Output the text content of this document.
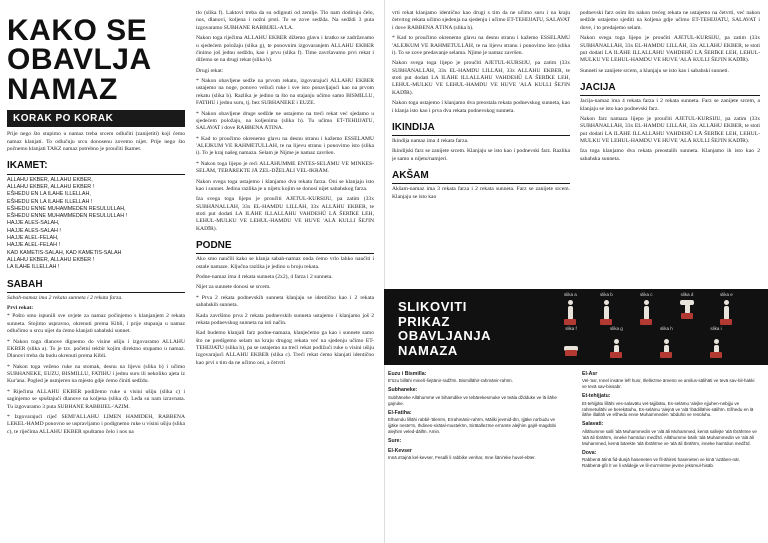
KAKO SE
OBAVLJA
NAMAZ
KORAK PO KORAK

Prije nego što stupimo u namaz treba srcem odlučiti (zanijetiti) koji ćemo namaz klanjati. To odlučuju srcu donosenu zovemo nijet. Prije nego što počnemo klanjati TAKZ namaz potrebno je proučiti Ikamet.

IKAMET:
ALLAHU EKBER, ALLAHU EKBER,
ALLAHU EKBER, ALLAHU EKBER !
EŠHEDU EN LA ILAHE ILLELLAH,
EŠHEDU EN LA ILAHE ILLELLAH !
EŠHEDU ENNE MUHAMMEDEN RESULULLAH,
EŠHEDU ENNE MUHAMMEDEN RESULULLAH !
HAJJE ALES-SALAH,
HAJJE ALES-SALAH !
HAJJE ALEL-FELAH,
HAJJE ALEL-FELAH !
KAD KAMETIS-SALAH, KAD KAMETIS-SALAH
ALLAHU EKBER, ALLAHU EKBER !
LA ILAHE ILLELLAH !
SABAH

Sabah-namaz ima 2 rekata sunneta i 2 rekata farza.

Prvi rekat:

* Pošto smo ispunili sve uvjete za namaz počinjemo s klanjanjem 2 rekata sunneta. Stojimo uspravno, okrenuti prema Kibli, i prije stupanja u namaz odlučimo u srcu nijet da ćemo klanjati sabahski sunnet.

* Nakon toga dlanove dignemo do visine ušiju i izgovaramo ALLAHU EKBER (slika a). To je tzv. početni tekbir kojim direktno stupamo u namaz. Dlanovi treba da budu okrenuti prema Kibli.

* Nakon toga veženo ruke na stomak, desnu na lijevu (slika b) i učimo SUBHANEKE, EUZU, BISMILLU, FATIHU i jednu suru ili nekoliko ajeta iz Kur'ana. Pogled je usmjeren na mjesto gdje ćemo činiti sedždu.

* Riječima ALLAHU EKBER podižemo ruke u visini ušiju (slika c) i saginjemo se spuštajući dlanove na koljena (slika d). Leđa su nam izravnata. Tu izgovaramo 3 puta SUBHANE RABBIJEL-'AZIM.

* Izgovarajući riječ SEMI'ALLAHU LIMEN HAMIDEH, RABBENA LEKEL-HAMD ponovno se uspravljamo i podignemo ruke u visini ušiju (slika c), te riječima ALLAHU EKBER spuštamo čelo i nos na

tlo (slika f). Laktovi treba da su odignuti od zemlje. Tlo nam dodiruju čelo, nos, dlanovi, koljena i nožni prsti. To se zove sedžda. Na sedždi 3 puta izgovaramo SUBHANE RABBIJEL-A'LA.

Nakon toga riječima ALLAHU EKBER dižemo glavu i kratko se zadržavamo u sjedećem položaju (slika g), te ponovnim izgovaranjem ALLAHU EKBER činimo još jednu sedždu, kao i prvu (slika f). Time završavamo prvi rekat i dižemo se na drugi rekat (slika h).

Drugi rekat:

* Nakon obavljene sedže na prvom rekatu, izgovarajući ALLAHU EKBER ustajemo na noge, ponovo vežući ruke i sve isto ponavljajući kao na prvom rekatu (slika b). Razlika je jedino ta što na stajanju učimo samo BISMILLU, FATIHU i jednu suru, tj. bez SUBHANEKE i EUZE.

* Nakon obavljene druge sedžde ne ustajemo na treći rekat već sjedamo u sjedećem položaju, na koljenima (slika h). Tu učimo ET-TEHIJJATU, SALAVAT i dove RABBENA ĀTINA.

* Kad to proučimo okrenemo glavu na desnu stranu i kažemo ESSELAMU 'ALEJKUM VE RAHMETULLAH, te na lijevu stranu i ponovimo isto (slika i). To je kraj našeg namaza. Selam je Nijme je namaz završen.

* Nakon toga lijepo je reći ALLĀHUMME ENTES-SELĀMU VE MINKES-SELĀM, TEBĀREKTE JĀ ZEL-DŽELĀLI VEL-IKRĀM.

Nakon svega toga ustajemo i klanjamo dva rekata farza. Oni se klanjaju isto kao i sunnet. Jedina razlika je u nijetu kojim se donosi nijet sabahskog farza.

Iza svega toga lijepo je proučiti AJETUL-KURSIJU, pa zatim (33x SUBHĀNALLĀH, 33x EL-HAMDU LILLĀH, 33x ALLĀHU EKBER, te stoti put dodati LA ILĀHE ILLALLĀHU VAHDEHŪ LĀ ŠERĪKE LEH, LEHUL-MULKU VE LEHUL-HAMDU VE HUVE 'ALĀ KULLI ŠEJ'IN KADĪR).

PODNE

Ako smo naučili kako se klanja sabah-namaz onda ćemo vrlo lahko naučiti i ostale namaze. Ključna razlika je jedino u broju rekata.

Podne-namaz ima 4 rekata sunneta (2x2), 4 farza i 2 sunneta.

Nijet za sunnete donosi se srcem.

* Prva 2 rekata podnevskih sunneta klanjaju se identično kao i 2 rekata sabahskih sunneta.

Kada završimo prva 2 rekata podnevskih sunneta ustajemo i klanjamo još 2 rekata podnevskog sunneta na isti način.

Kad budemo klanjali farz podne-namaza, klanjećemo ga kao i sunnete samo što ne predigemo selam na kraju drugog rekata već na sjedenju učimo ET-TEHIJJATU (slika h), pa se ustajemo na treći rekat podižući ruke u visini ušiju izgovarajući ALLAHU EKBER (slika c). Treći rekat ćemo klanjati identično kao prvi s tim da ne učimo oni, a četvrti

vrti rekat klanjamo identično kao drugi s tim da ne učimo suru i na kraju četvrtog rekata učimo sjedenja na sjedenju i učimo ET-TEHIJJATU, SALAVAT i dove RABBENA ĀTINA (slika h).

* Kad to proučimo okrenemo glavu na desnu stranu i kažemo ESSELĀMU 'ALEJKUM VE RAHMETULLĀH, te na lijevu stranu i ponovimo isto (slika i). To se zove predavanje selama. Njime je namaz završen.

Nakon svega toga lijepo je proučiti AJETUL-KURSIJU, pa zatim (33x SUBHĀNALLĀH, 33x EL-HAMDU LILLĀH, 33x ALLĀHU EKBER, te stoti put dodati LA ILĀHE ILLALLĀHU VAHDEHŪ LĀ ŠERĪKE LEH, LEHUL-MULKU VE LEHUL-HAMDU VE HUVE 'ALĀ KULLI ŠEJ'IN KADĪR).

Nakon toga ustajemo i klanjamo dva preostala rekata podnevskog sunneta, kao i klanja isto kao i prva dva rekata podnevskog sunneta.

IKINDIJA

Ikindija namaz ima 4 rekata farza.

Ikindijski farz se zanijete srcem. Klanjaju se isto kao i podnevski farz. Razlika je samo u nijetu/namjeri.

AKŠAM

Akšam-namaz ima 3 rekata farza i 2 rekata sunneta. Farz se zanijete srcem. Klanjaju se isto kao

podnevski farz osim što nakon trećeg rekata ne ustajemo na četvrti, već nakon sedžde ustajemo sjediti na koljena gdje učimo ET-TEHIJJATU, SALAVAT i dove, i to predajemo selam.

Nakon svega toga lijepo je proučiti AJETUL-KURSIJU, pa zatim (33x SUBHĀNALLĀH, 33x EL-HAMDU LILLĀH, 33x ALLĀHU EKBER, te stoti put dodati LA ILĀHE ILLALLĀHU VAHDEHŪ LĀ ŠERĪKE LEH, LEHUL-MULKU VE LEHUL-HAMDU VE HUVE 'ALĀ KULLI ŠEJ'IN KADĪR).

Sunneti se zanijete srcem, a klanjaju se isto kao i sabahski sunneti.

JACIJA

Jacija-namaz ima 4 rekata farza i 2 rekata sunneta. Farz se zanijete srcem, a klanjaju se isto kao podnevski farz.

Nakon farz namaza lijepo je proučiti AJETUL-KURSIJU, pa zatim (33x SUBHĀNALLĀH, 33x EL-HAMDU LILLĀH, 33x ALLĀHU EKBER, te stoti put dodati LA ILĀHE ILLALLĀHU VAHDEHŪ LĀ ŠERĪKE LEH, LEHUL-MULKU VE LEHUL-HAMDU VE HUVE 'ALĀ KULLI ŠEJ'IN KADĪR).

Iza toga klanjamo dva rekata preostalih sunneta. Klanjamo ih isto kao 2 sabahska sunneta.

SLIKOVITI
PRIKAZ
OBAVLJANJA
NAMAZA
slika a	slika b	slika c	slika d	slika e
slika f	slika g	slika h	slika i
Euzu i Bismilla:
E'ūzu billāhi mineš-šejtānir-radžīm. Bismillāhir-rahmānir-rahīm.
Subhaneke:
Subhāneke Allāhumme ve bihamdike ve tebārekesmuke ve teāla dždduke ve lā ilāhe gajruke.
El-Fatiha:
Elhamdu lillāhi rabbil-'ālemīn, Errahmānir-rahīm, Māliki jevmid-dīn, Ijjāke na'budu ve ijjāke neste'īn, Ihdines-sirātal-mustekīm, Sirātallezīne en'amte alejhim gajril-magdūbi alejhim veled-dāllīn. Amin.
Sure:
El-Kevser
Innā a'tajnā kel-kevser, Fesalli li rabbike venhar, Inne šāni'eke huvel-ebter.
El-Asr
Vel-'asr, Innel insāne lefī husr, Illellezīne āmenū ve amilus-sālihāti ve tevā sav-bil-hakki ve tevā sav-bissabr.
Et-tehijjatu:
Et-tehijjātu lillāhi ves-salavātu vet-tajjibātu, Es-selāmu 'alejke ejjuhen-nebijju ve rahmetullāhi ve berekātuhu, Es-selāmu 'alejnā ve 'alā 'ibādillāhis-sālihīn. Ešhedu en lā ilāhe illallāh ve ešhedu enne Muhammeden 'abduhū ve resūluhu.
Salavati:
Allāhumme salli 'alā Muhammedin ve 'alā āli Muhammed, kemā sallejte 'alā Ibrāhīme ve 'alā āli Ibrāhīm, inneke hamīdun medžīd. Allāhumme bārik 'alā Muhammedin ve 'alā āli Muhammed, kemā bārekte 'alā Ibrāhīme ve 'alā āli Ibrāhīm, inneke hamīdun medžīd.
Dova:
Rabbenā ātinā fid-dunjā haseneten ve fil-āhireti haseneten ve kinā 'azāben-nār. Rabbenā-gfir lī ve li vālidejje ve lil-mu'minīne jevme jekūmul-hisāb.
